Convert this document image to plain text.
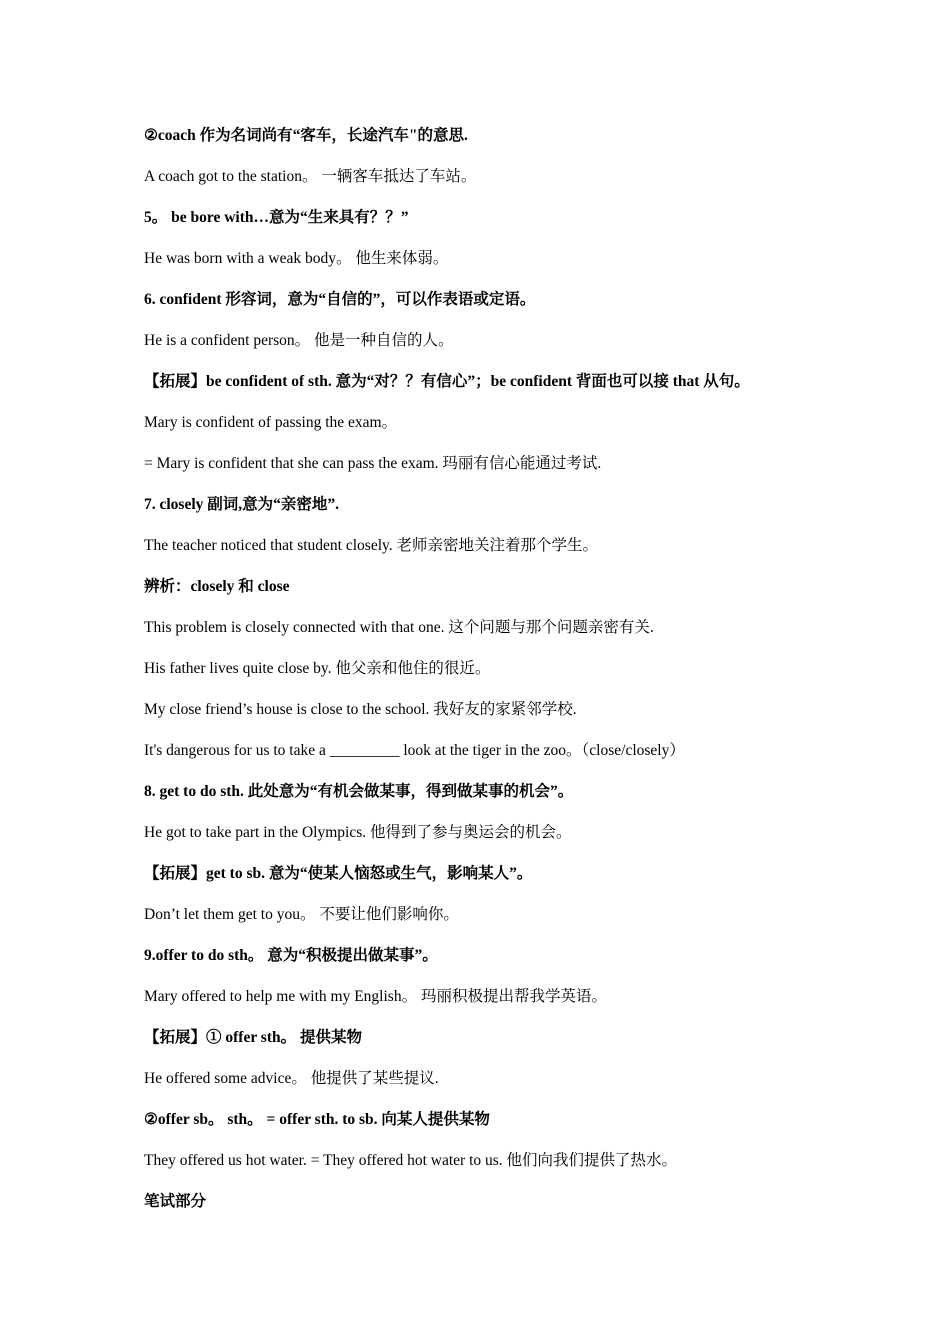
②coach 作为名词尚有“客车，长途汽车"的意思.
A coach got to the station。 一辆客车抵达了车站。
5。 be bore with…意为“生来具有？？”
He was born with a weak body。 他生来体弱。
6. confident 形容词，意为“自信的”，可以作表语或定语。
He is a confident person。 他是一种自信的人。
【拓展】be confident of sth. 意为“对？？有信心”；be confident 背面也可以接 that 从句。
Mary is confident of passing the exam。
= Mary is confident that she can pass the exam. 玛丽有信心能通过考试.
7. closely 副词,意为“亲密地”.
The teacher noticed that student closely. 老师亲密地关注着那个学生。
辨析：closely 和 close
This problem is closely connected with that one. 这个问题与那个问题亲密有关.
His father lives quite close by. 他父亲和他住的很近。
My close friend’s house is close to the school. 我好友的家紧邻学校.
It's dangerous for us to take a _________ look at the tiger in the zoo。（close/closely）
8. get to do sth. 此处意为“有机会做某事，得到做某事的机会”。
He got to take part in the Olympics. 他得到了参与奥运会的机会。
【拓展】get to sb. 意为“使某人恼怒或生气，影响某人”。
Don’t let them get to you。 不要让他们影响你。
9.offer to do sth。 意为“积极提出做某事”。
Mary offered to help me with my English。 玛丽积极提出帮我学英语。
【拓展】① offer sth。 提供某物
He offered some advice。 他提供了某些提议.
②offer sb。 sth。 = offer sth. to sb. 向某人提供某物
They offered us hot water. = They offered hot water to us. 他们向我们提供了热水。
笔试部分
